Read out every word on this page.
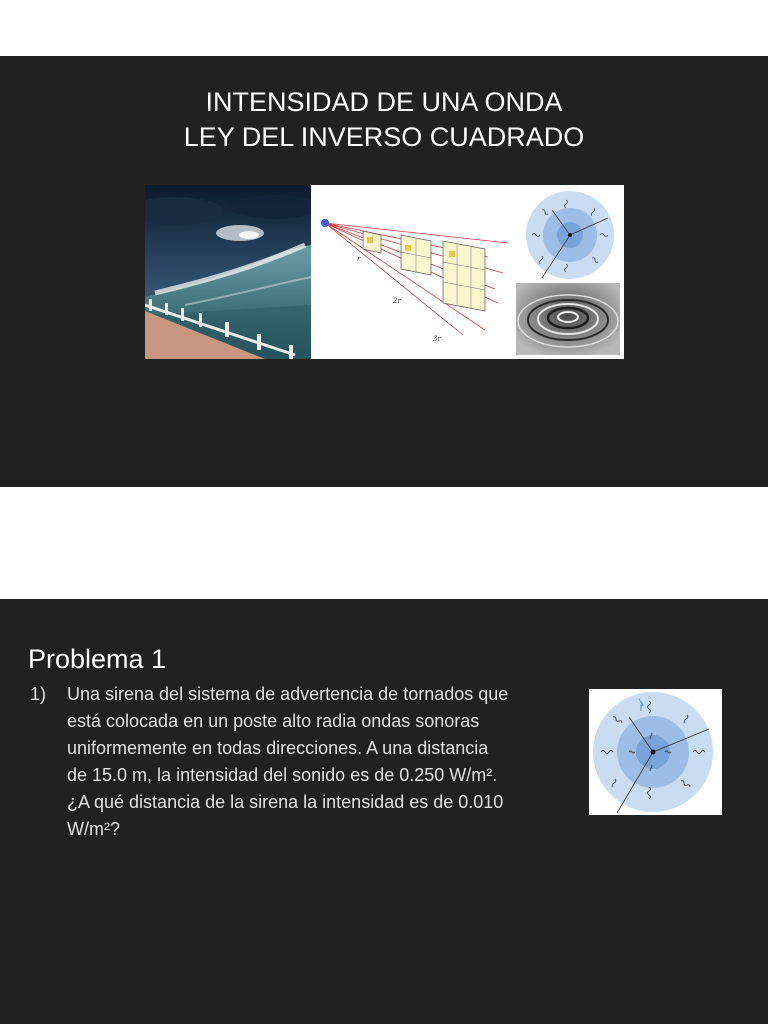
INTENSIDAD DE UNA ONDA
LEY DEL INVERSO CUADRADO
r
2r
3r
Problema 1
1) Una sirena del sistema de advertencia de tornados que
está colocada en un poste alto radia ondas sonoras
uniformemente en todas direcciones. A una distancia
de 15.0 m, la intensidad del sonido es de 0.250 W/m².
¿A qué distancia de la sirena la intensidad es de 0.010
W/m²?
